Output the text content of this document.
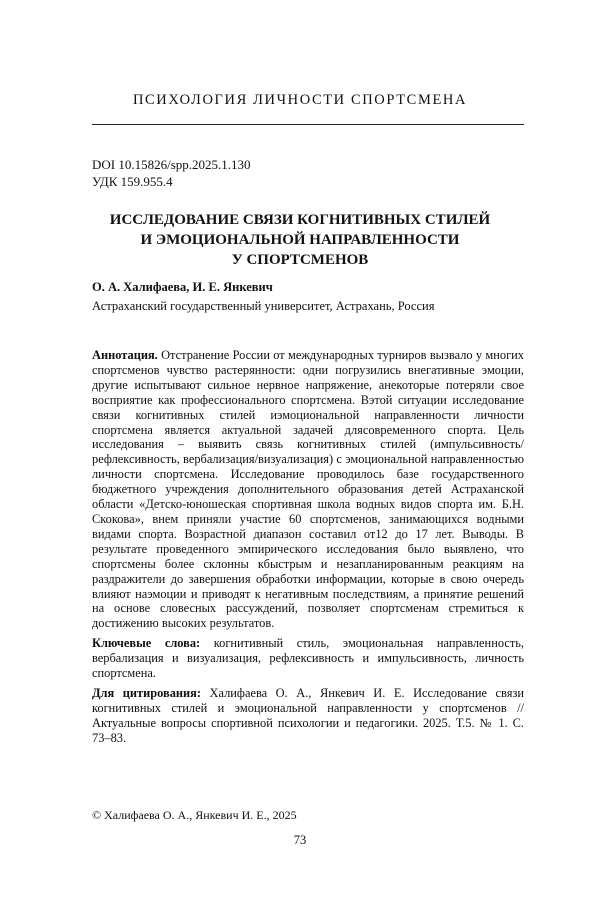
ПСИХОЛОГИЯ ЛИЧНОСТИ СПОРТСМЕНА
DOI 10.15826/spp.2025.1.130
УДК 159.955.4
ИССЛЕДОВАНИЕ СВЯЗИ КОГНИТИВНЫХ СТИЛЕЙ
И ЭМОЦИОНАЛЬНОЙ НАПРАВЛЕННОСТИ
У СПОРТСМЕНОВ
О. А. Халифаева, И. Е. Янкевич
Астраханский государственный университет, Астрахань, Россия

Аннотация. Отстранение России от международных турниров вызвало у многих спортсменов чувство растерянности: одни погрузились внегативные эмоции, другие испытывают сильное нервное напряжение, анекоторые потеряли свое восприятие как профессионального спортсмена. Вэтой ситуации исследование связи когнитивных стилей иэмоциональной направленности личности спортсмена является актуальной задачей длясовременного спорта. Цель исследования – выявить связь когнитивных стилей (импульсивность/рефлексивность, вербализация/визуализация) с эмоциональной направленностью личности спортсмена. Исследование проводилось базе государственного бюджетного учреждения дополнительного образования детей Астраханской области «Детско-юношеская спортивная школа водных видов спорта им. Б.Н. Скокова», внем приняли участие 60 спортсменов, занимающихся водными видами спорта. Возрастной диапазон составил от12 до 17 лет. Выводы. В результате проведенного эмпирического исследования было выявлено, что спортсмены более склонны кбыстрым и незапланированным реакциям на раздражители до завершения обработки информации, которые в свою очередь влияют наэмоции и приводят к негативным последствиям, а принятие решений на основе словесных рассуждений, позволяет спортсменам стремиться к достижению высоких результатов.

Ключевые слова: когнитивный стиль, эмоциональная направленность, вербализация и визуализация, рефлексивность и импульсивность, личность спортсмена.

Для цитирования: Халифаева О. А., Янкевич И. Е. Исследование связи когнитивных стилей и эмоциональной направленности у спортсменов // Актуальные вопросы спортивной психологии и педагогики. 2025. Т.5. № 1. С. 73–83.

© Халифаева О. А., Янкевич И. Е., 2025
73
